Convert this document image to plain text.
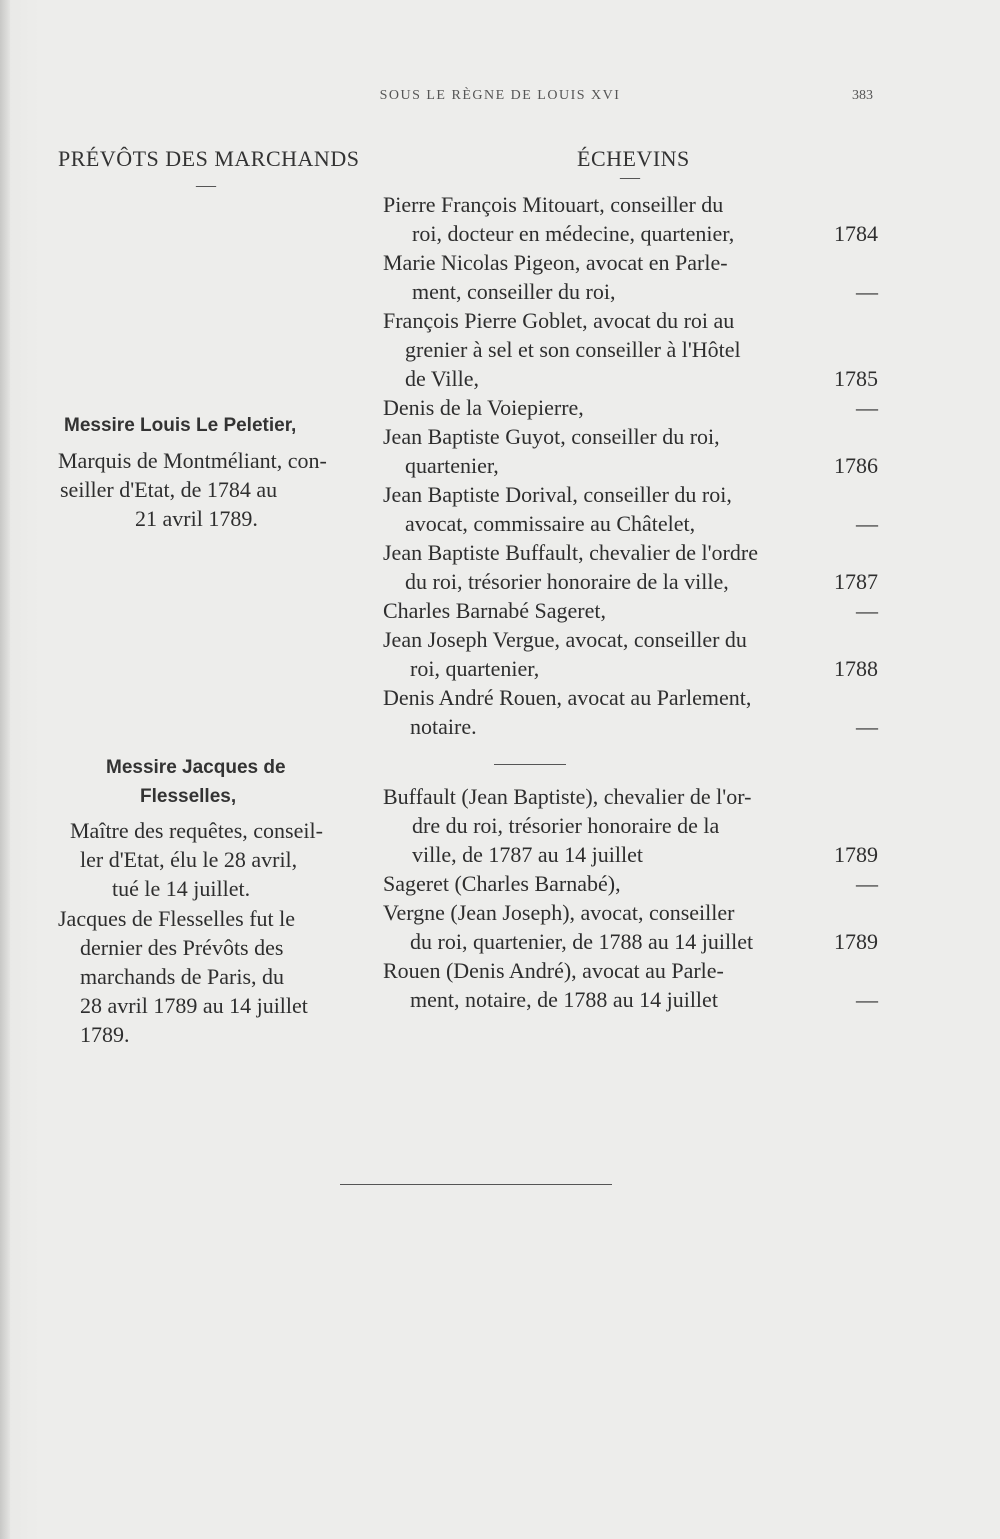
SOUS LE RÈGNE DE LOUIS XVI	383
PRÉVÔTS DES MARCHANDS
—
Messire Louis Le Peletier,
Marquis de Montméliant, con-
seiller d'Etat, de 1784 au
21 avril 1789.
Messire Jacques de
Flesselles,
Maître des requêtes, conseil-
ler d'Etat, élu le 28 avril,
tué le 14 juillet.
Jacques de Flesselles fut le
dernier des Prévôts des
marchands de Paris, du
28 avril 1789 au 14 juillet
1789.
ÉCHEVINS
—
Pierre François Mitouart, conseiller du
roi, docteur en médecine, quartenier,
Marie Nicolas Pigeon, avocat en Parle-
ment, conseiller du roi,
François Pierre Goblet, avocat du roi au
grenier à sel et son conseiller à l'Hôtel
de Ville,
Denis de la Voiepierre,
Jean Baptiste Guyot, conseiller du roi,
quartenier,
Jean Baptiste Dorival, conseiller du roi,
avocat, commissaire au Châtelet,
Jean Baptiste Buffault, chevalier de l'ordre
du roi, trésorier honoraire de la ville,
Charles Barnabé Sageret,
Jean Joseph Vergue, avocat, conseiller du
roi, quartenier,
Denis André Rouen, avocat au Parlement,
notaire.
1784
—
1785
—
1786
—
1787
—
1788
—
Buffault (Jean Baptiste), chevalier de l'or-
dre du roi, trésorier honoraire de la
ville, de 1787 au 14 juillet
Sageret (Charles Barnabé),
Vergne (Jean Joseph), avocat, conseiller
du roi, quartenier, de 1788 au 14 juillet
Rouen (Denis André), avocat au Parle-
ment, notaire, de 1788 au 14 juillet
1789
—
1789
—
